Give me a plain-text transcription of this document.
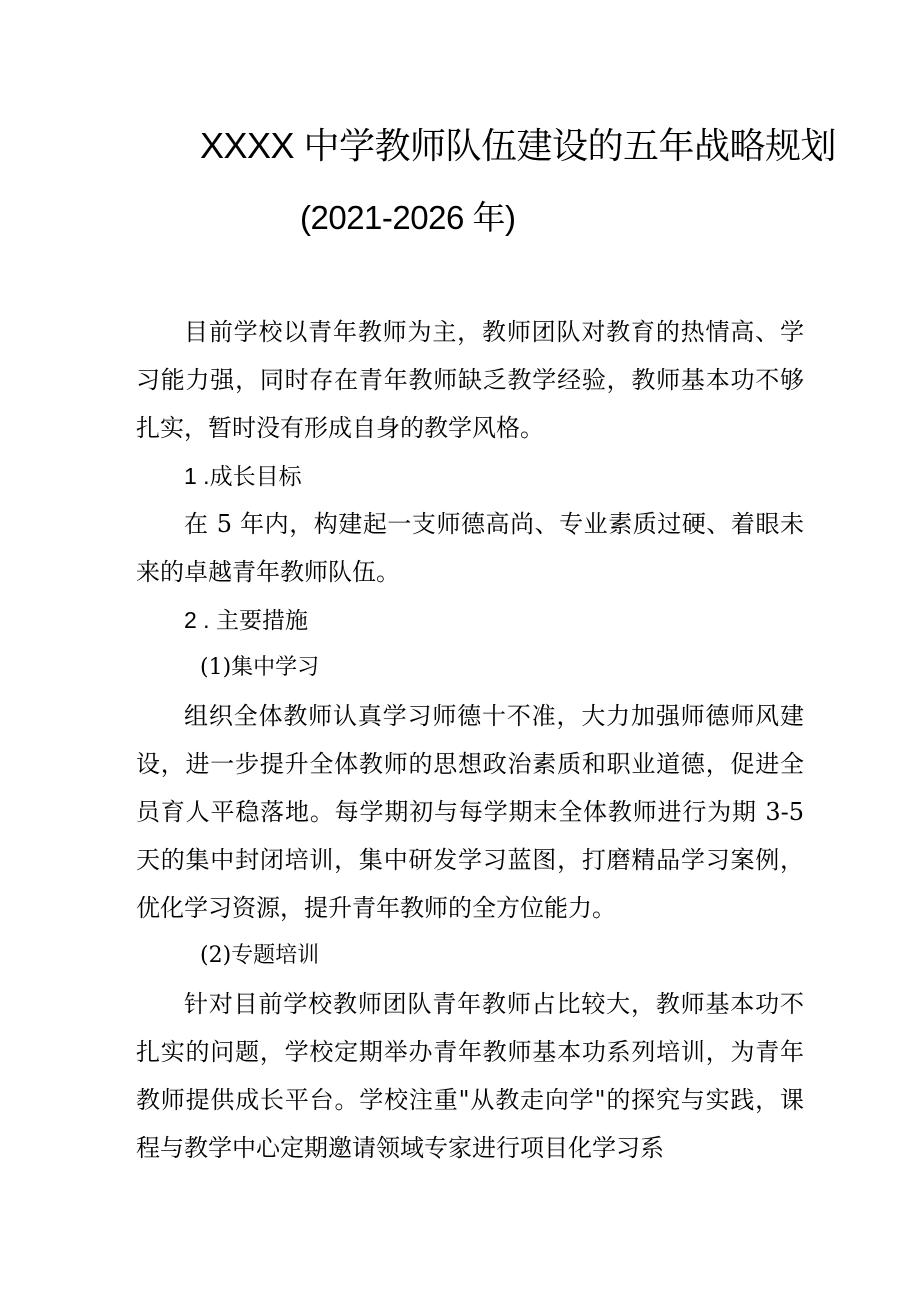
XXXX 中学教师队伍建设的五年战略规划
(2021-2026 年)

目前学校以青年教师为主，教师团队对教育的热情高、学习能力强，同时存在青年教师缺乏教学经验，教师基本功不够扎实，暂时没有形成自身的教学风格。

1 .成长目标

在 5 年内，构建起一支师德高尚、专业素质过硬、着眼未来的卓越青年教师队伍。

2 . 主要措施

(1)集中学习

组织全体教师认真学习师德十不准，大力加强师德师风建设，进一步提升全体教师的思想政治素质和职业道德，促进全员育人平稳落地。每学期初与每学期末全体教师进行为期 3-5 天的集中封闭培训，集中研发学习蓝图，打磨精品学习案例，优化学习资源，提升青年教师的全方位能力。

(2)专题培训

针对目前学校教师团队青年教师占比较大，教师基本功不扎实的问题，学校定期举办青年教师基本功系列培训，为青年教师提供成长平台。学校注重"从教走向学"的探究与实践，课程与教学中心定期邀请领域专家进行项目化学习系
